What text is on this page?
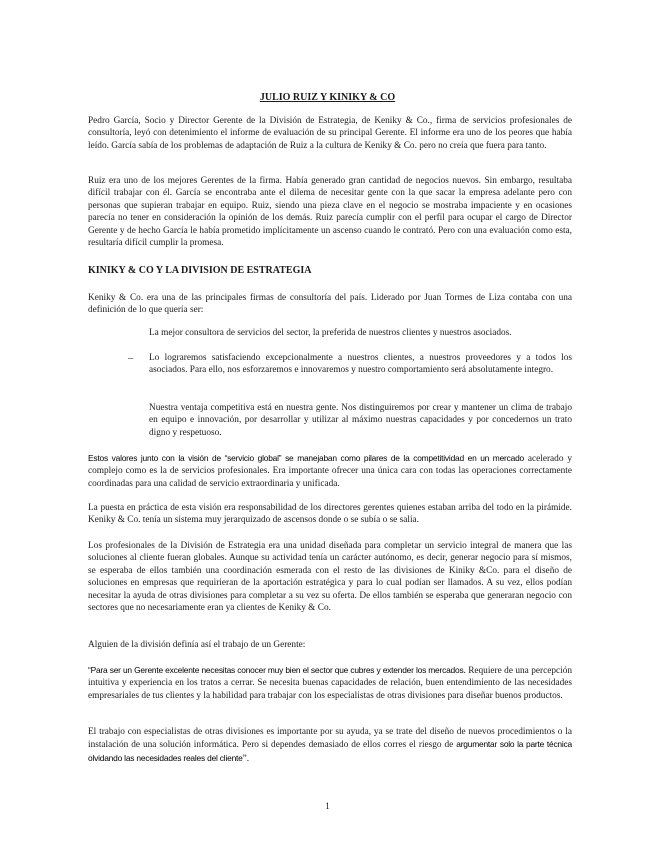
JULIO RUIZ Y KINIKY & CO

Pedro García, Socio y Director Gerente de la División de Estrategia, de Keniky & Co., firma de servicios profesionales de consultoría, leyó con detenimiento el informe de evaluación de su principal Gerente. El informe era uno de los peores que había leído. García sabía de los problemas de adaptación de Ruiz a la cultura de Keniky & Co. pero no creía que fuera para tanto.

Ruiz era uno de los mejores Gerentes de la firma. Había generado gran cantidad de negocios nuevos. Sin embargo, resultaba difícil trabajar con él. García se encontraba ante el dilema de necesitar gente con la que sacar la empresa adelante pero con personas que supieran trabajar en equipo. Ruiz, siendo una pieza clave en el negocio se mostraba impaciente y en ocasiones parecía no tener en consideración la opinión de los demás. Ruiz parecía cumplir con el perfil para ocupar el cargo de Director Gerente y de hecho García le había prometido implícitamente un ascenso cuando le contrató. Pero con una evaluación como esta, resultaría difícil cumplir la promesa.

KINIKY & CO Y LA DIVISION DE ESTRATEGIA

Keniky & Co. era una de las principales firmas de consultoría del país. Liderado por Juan Tormes de Liza contaba con una definición de lo que quería ser:

La mejor consultora de servicios del sector, la preferida de nuestros clientes y nuestros asociados.

– Lo lograremos satisfaciendo excepcionalmente a nuestros clientes, a nuestros proveedores y a todos los asociados. Para ello, nos esforzaremos e innovaremos y nuestro comportamiento será absolutamente integro.

Nuestra ventaja competitiva está en nuestra gente. Nos distinguiremos por crear y mantener un clima de trabajo en equipo e innovación, por desarrollar y utilizar al máximo nuestras capacidades y por concedernos un trato digno y respetuoso.

Estos valores junto con la visión de “servicio global” se manejaban como pilares de la competitividad en un mercado acelerado y complejo como es la de servicios profesionales. Era importante ofrecer una única cara con todas las operaciones correctamente coordinadas para una calidad de servicio extraordinaria y unificada.

La puesta en práctica de esta visión era responsabilidad de los directores gerentes quienes estaban arriba del todo en la pirámide. Keniky & Co. tenía un sistema muy jerarquizado de ascensos donde o se subía o se salía.

Los profesionales de la División de Estrategia era una unidad diseñada para completar un servicio integral de manera que las soluciones al cliente fueran globales. Aunque su actividad tenía un carácter autónomo, es decir, generar negocio para sí mismos, se esperaba de ellos también una coordinación esmerada con el resto de las divisiones de Kiniky &Co. para el diseño de soluciones en empresas que requirieran de la aportación estratégica y para lo cual podían ser llamados. A su vez, ellos podían necesitar la ayuda de otras divisiones para completar a su vez su oferta. De ellos también se esperaba que generaran negocio con sectores que no necesariamente eran ya clientes de Keniky & Co.

Alguien de la división definía así el trabajo de un Gerente:

“Para ser un Gerente excelente necesitas conocer muy bien el sector que cubres y extender los mercados. Requiere de una percepción intuitiva y experiencia en los tratos a cerrar. Se necesita buenas capacidades de relación, buen entendimiento de las necesidades empresariales de tus clientes y la habilidad para trabajar con los especialistas de otras divisiones para diseñar buenos productos.

El trabajo con especialistas de otras divisiones es importante por su ayuda, ya se trate del diseño de nuevos procedimientos o la instalación de una solución informática. Pero si dependes demasiado de ellos corres el riesgo de argumentar solo la parte técnica olvidando las necesidades reales del cliente”.

1
